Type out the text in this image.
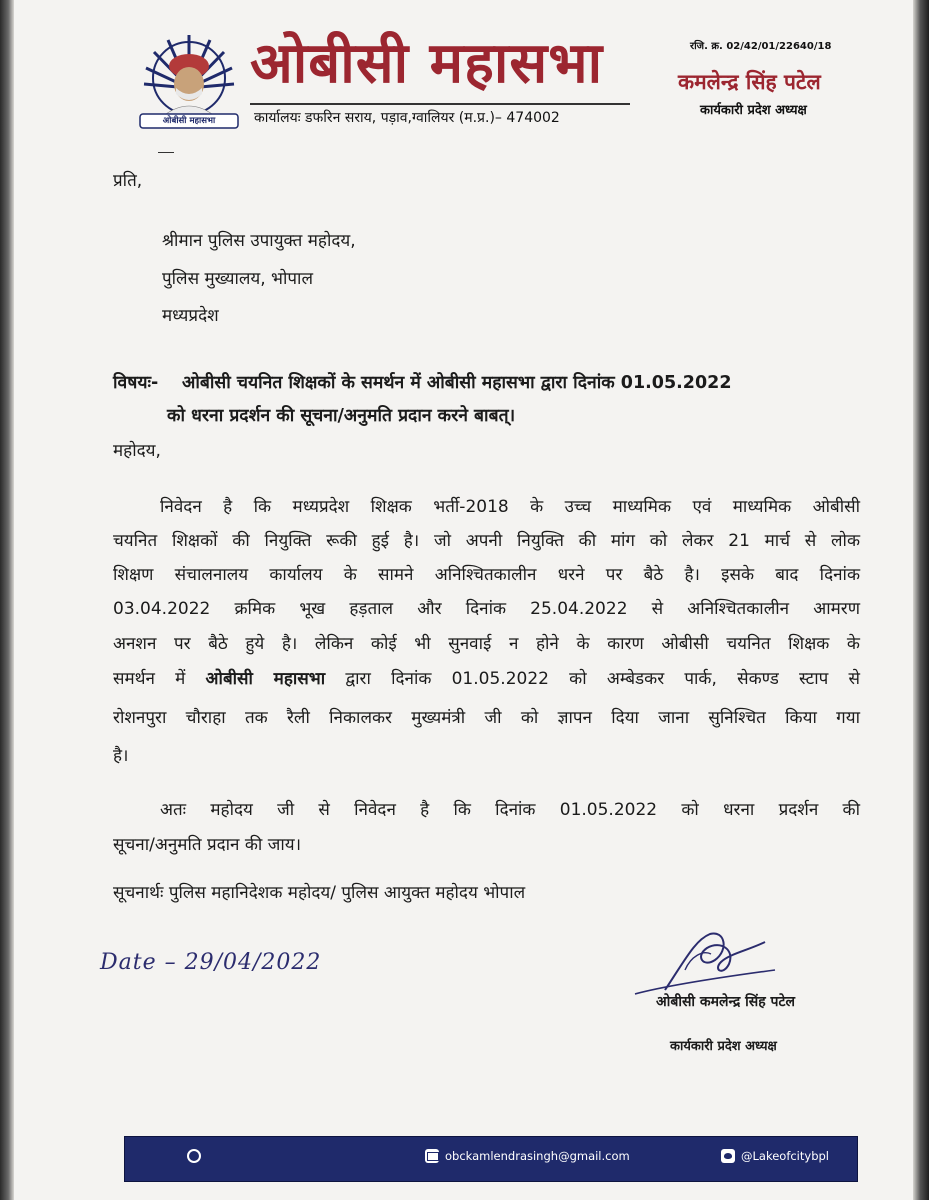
ओबीसी महासभा
ओबीसी महासभा
कार्यालयः डफरिन सराय, पड़ाव,ग्वालियर (म.प्र.)– 474002
रजि. क्र. 02/42/01/22640/18
कमलेन्द्र सिंह पटेल
कार्यकारी प्रदेश अध्यक्ष
प्रति,
श्रीमान पुलिस उपायुक्त महोदय,
पुलिस मुख्यालय, भोपाल
मध्यप्रदेश
विषयः- ओबीसी चयनित शिक्षकों के समर्थन में ओबीसी महासभा द्वारा दिनांक 01.05.2022
को धरना प्रदर्शन की सूचना/अनुमति प्रदान करने बाबत्।
महोदय,
निवेदन है कि मध्यप्रदेश शिक्षक भर्ती-2018 के उच्च माध्यमिक एवं माध्यमिक ओबीसी
चयनित शिक्षकों की नियुक्ति रूकी हुई है। जो अपनी नियुक्ति की मांग को लेकर 21 मार्च से लोक
शिक्षण संचालनालय कार्यालय के सामने अनिश्चितकालीन धरने पर बैठे है। इसके बाद दिनांक
03.04.2022 क्रमिक भूख हड़ताल और दिनांक 25.04.2022 से अनिश्चितकालीन आमरण
अनशन पर बैठे हुये है। लेकिन कोई भी सुनवाई न होने के कारण ओबीसी चयनित शिक्षक के
समर्थन में ओबीसी महासभा द्वारा दिनांक 01.05.2022 को अम्बेडकर पार्क, सेकण्ड स्टाप से
रोशनपुरा चौराहा तक रैली निकालकर मुख्यमंत्री जी को ज्ञापन दिया जाना सुनिश्चित किया गया
है।
अतः महोदय जी से निवेदन है कि दिनांक 01.05.2022 को धरना प्रदर्शन की
सूचना/अनुमति प्रदान की जाय।
सूचनार्थः पुलिस महानिदेशक महोदय/ पुलिस आयुक्त महोदय भोपाल
Date – 29/04/2022
ओबीसी कमलेन्द्र सिंह पटेल
कार्यकारी प्रदेश अध्यक्ष
obckamlendrasingh@gmail.com	@Lakeofcitybpl
